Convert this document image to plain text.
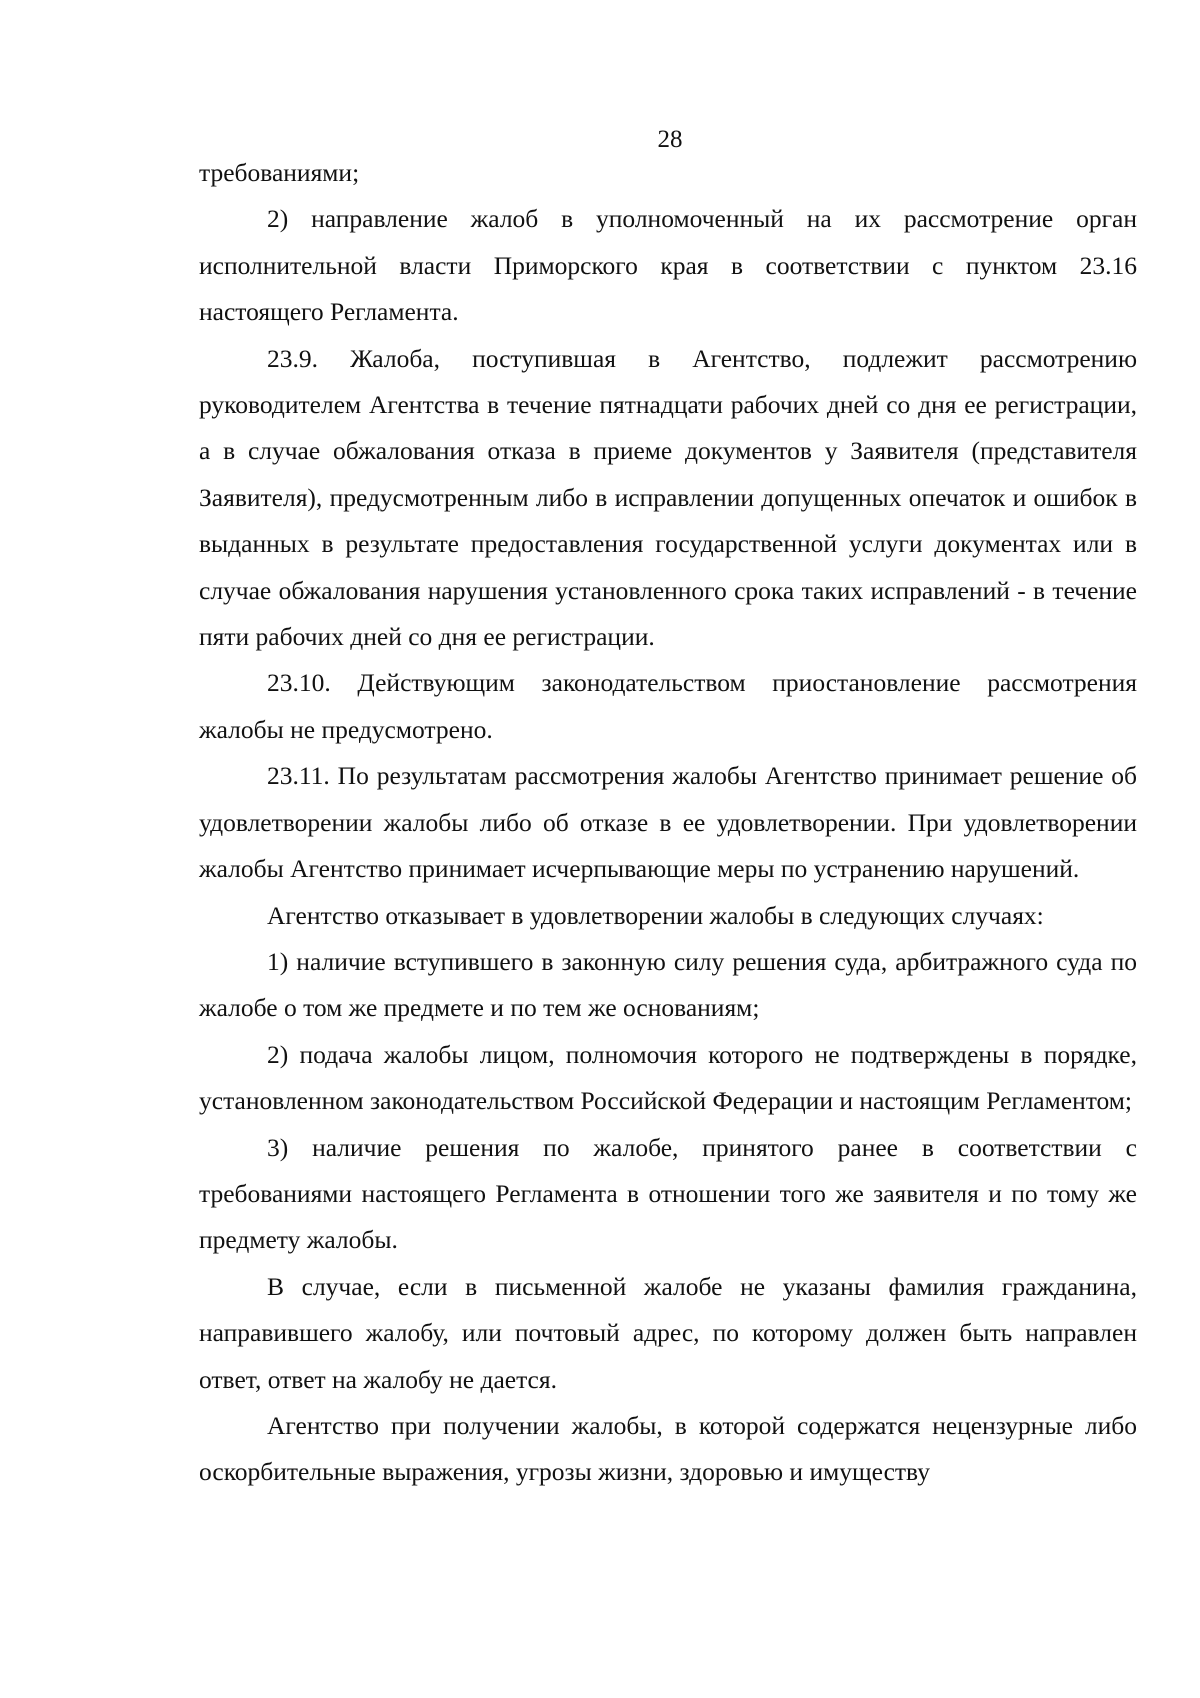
28

требованиями;

2) направление жалоб в уполномоченный на их рассмотрение орган исполнительной власти Приморского края в соответствии с пунктом 23.16 настоящего Регламента.

23.9. Жалоба, поступившая в Агентство, подлежит рассмотрению руководителем Агентства в течение пятнадцати рабочих дней со дня ее регистрации, а в случае обжалования отказа в приеме документов у Заявителя (представителя Заявителя), предусмотренным либо в исправлении допущенных опечаток и ошибок в выданных в результате предоставления государственной услуги документах или в случае обжалования нарушения установленного срока таких исправлений - в течение пяти рабочих дней со дня ее регистрации.

23.10. Действующим законодательством приостановление рассмотрения жалобы не предусмотрено.

23.11. По результатам рассмотрения жалобы Агентство принимает решение об удовлетворении жалобы либо об отказе в ее удовлетворении. При удовлетворении жалобы Агентство принимает исчерпывающие меры по устранению нарушений.

Агентство отказывает в удовлетворении жалобы в следующих случаях:

1) наличие вступившего в законную силу решения суда, арбитражного суда по жалобе о том же предмете и по тем же основаниям;

2) подача жалобы лицом, полномочия которого не подтверждены в порядке, установленном законодательством Российской Федерации и настоящим Регламентом;

3) наличие решения по жалобе, принятого ранее в соответствии с требованиями настоящего Регламента в отношении того же заявителя и по тому же предмету жалобы.

В случае, если в письменной жалобе не указаны фамилия гражданина, направившего жалобу, или почтовый адрес, по которому должен быть направлен ответ, ответ на жалобу не дается.

Агентство при получении жалобы, в которой содержатся нецензурные либо оскорбительные выражения, угрозы жизни, здоровью и имуществу
